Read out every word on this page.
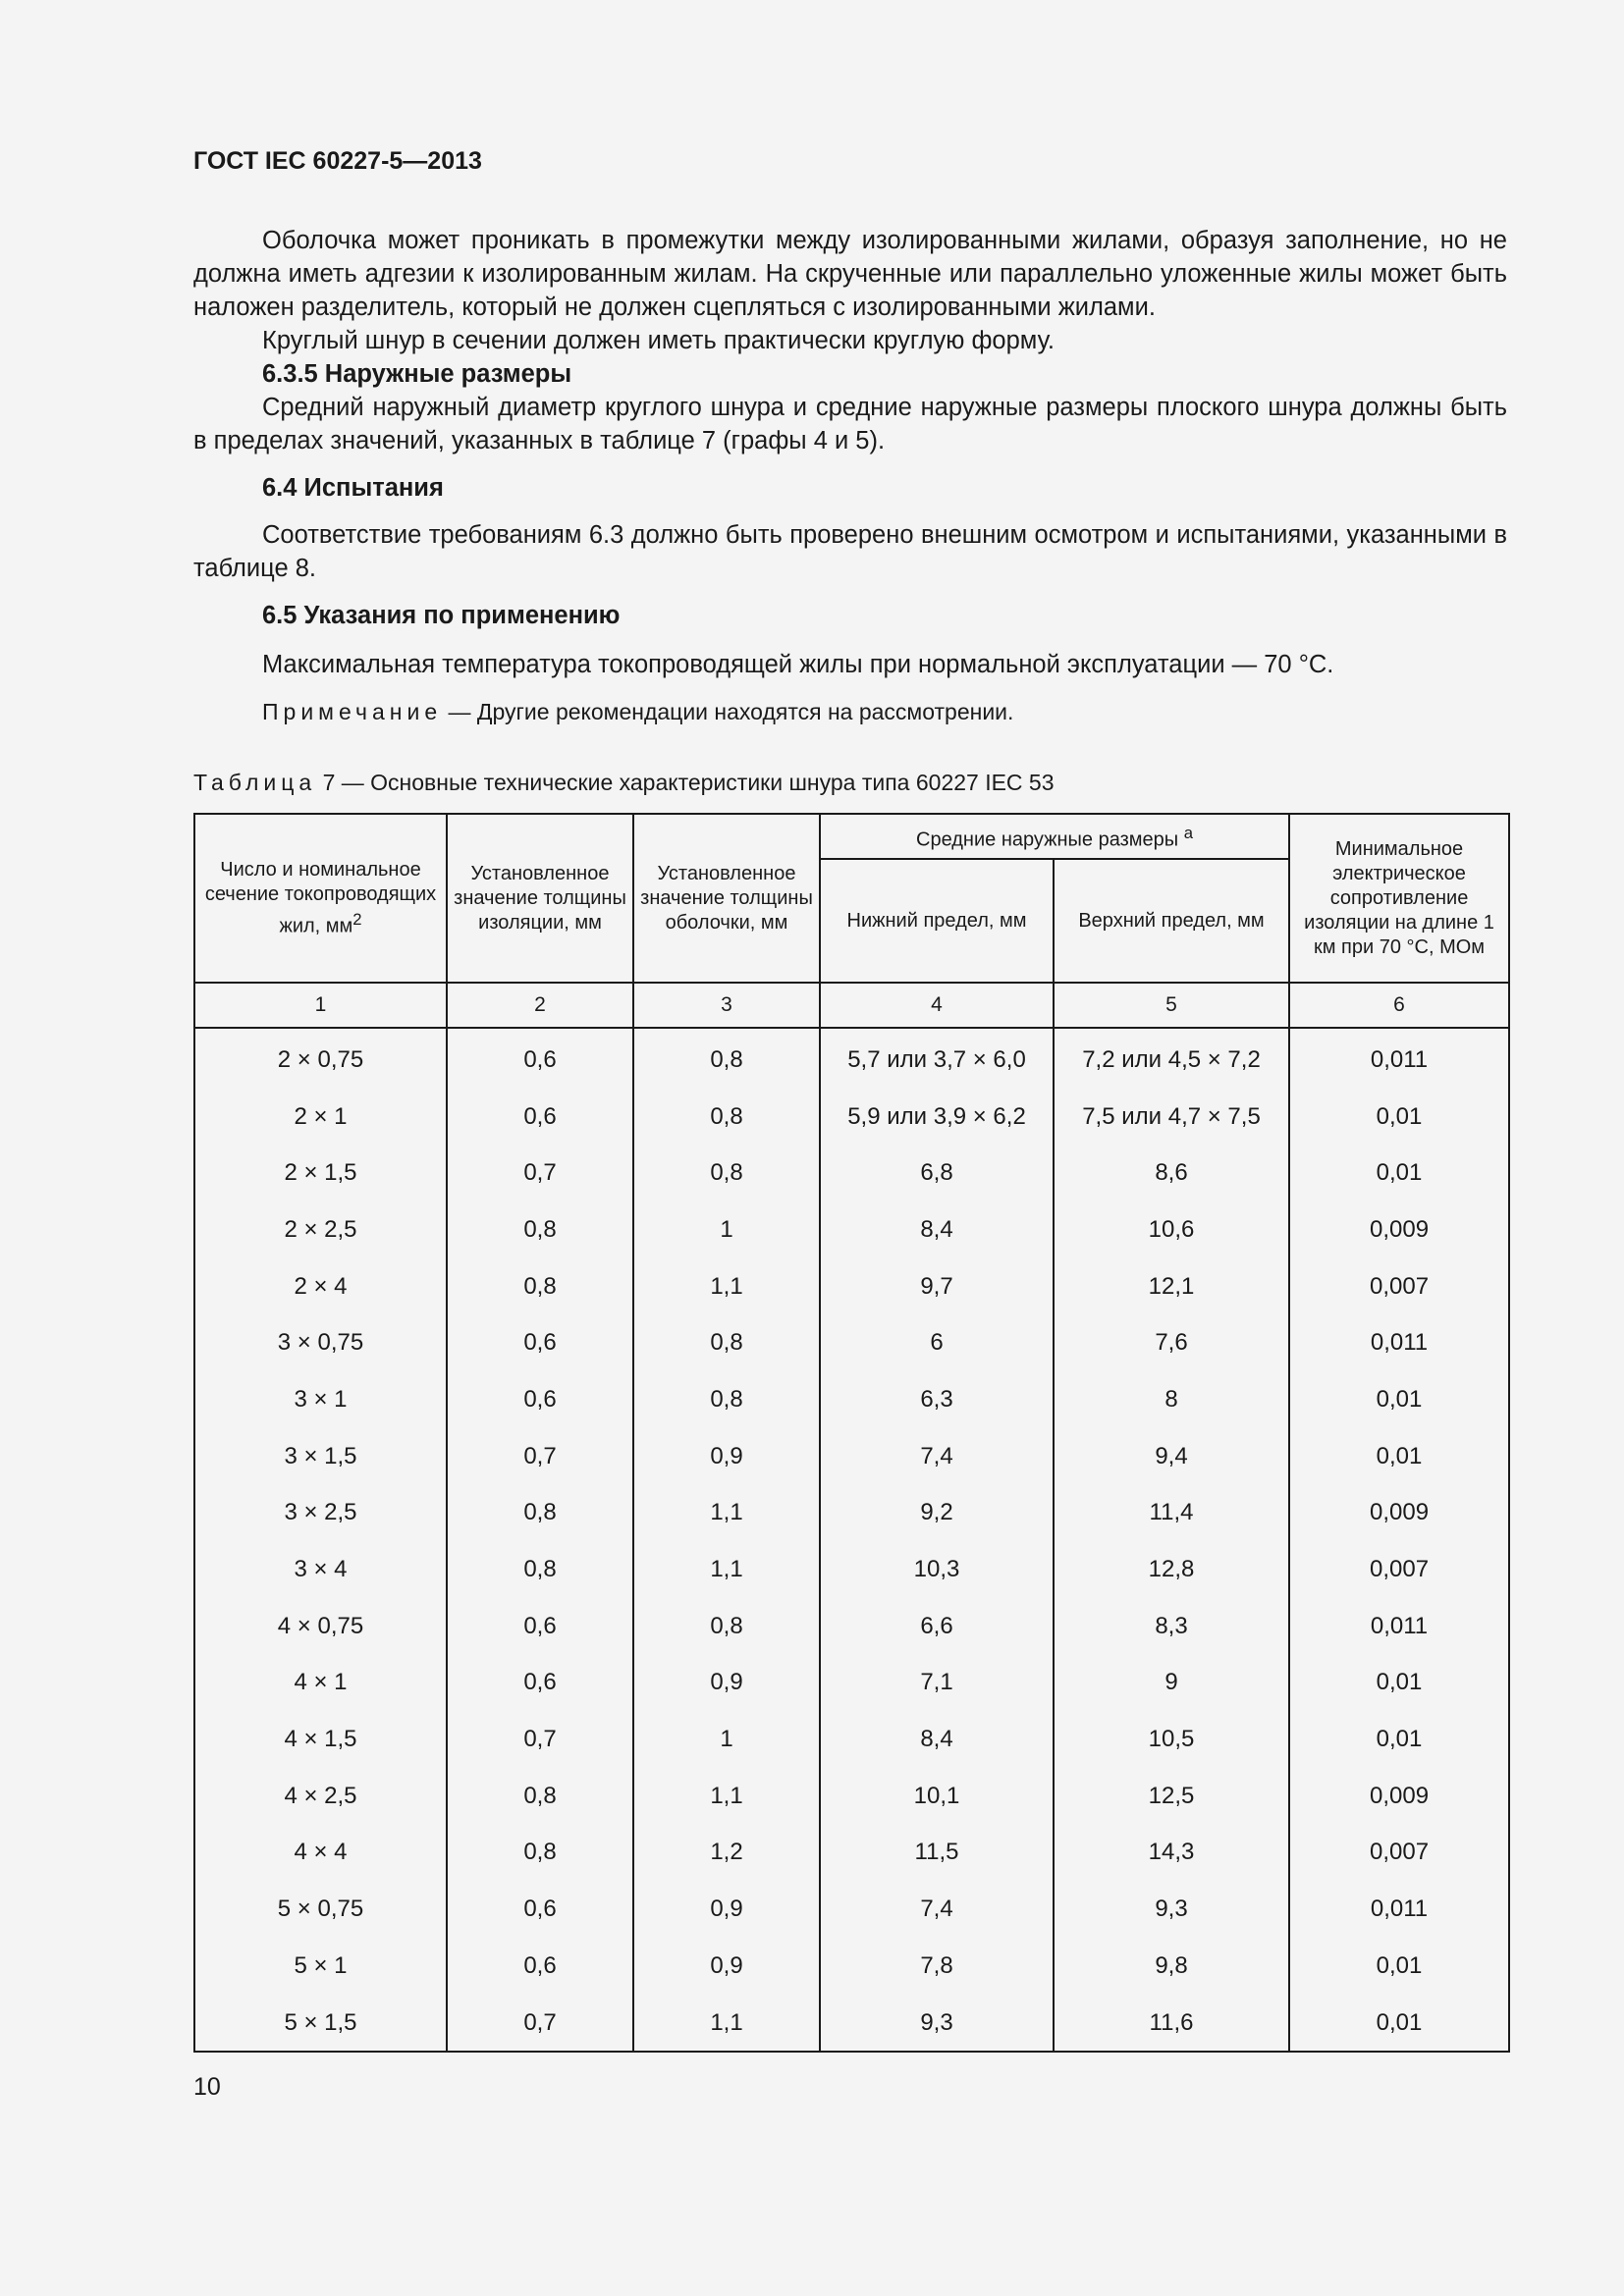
ГОСТ IEC 60227-5—2013

Оболочка может проникать в промежутки между изолированными жилами, образуя заполнение, но не должна иметь адгезии к изолированным жилам. На скрученные или параллельно уложенные жилы может быть наложен разделитель, который не должен сцепляться с изолированными жилами.

Круглый шнур в сечении должен иметь практически круглую форму.

6.3.5 Наружные размеры

Средний наружный диаметр круглого шнура и средние наружные размеры плоского шнура должны быть в пределах значений, указанных в таблице 7 (графы 4 и 5).

6.4 Испытания

Соответствие требованиям 6.3 должно быть проверено внешним осмотром и испытаниями, указанными в таблице 8.

6.5 Указания по применению

Максимальная температура токопроводящей жилы при нормальной эксплуатации — 70 °С.

Примечание — Другие рекомендации находятся на рассмотрении.

Таблица 7 — Основные технические характеристики шнура типа 60227 IEC 53
Число и номинальное сечение токопроводящих жил, $мм^2$	Установленное значение толщины изоляции, мм	Установленное значение толщины оболочки, мм	Средние наружные размеры $^a$		Минимальное электрическое сопротивление изоляции на длине 1 км при 70 °С, МОм
			Нижний предел, мм	Верхний предел, мм	
1	2	3	4	5	6

2 × 0,75	0,6	0,8	5,7 или 3,7 × 6,0	7,2 или 4,5 × 7,2	0,011
2 × 1	0,6	0,8	5,9 или 3,9 × 6,2	7,5 или 4,7 × 7,5	0,01
2 × 1,5	0,7	0,8	6,8	8,6	0,01
2 × 2,5	0,8	1	8,4	10,6	0,009
2 × 4	0,8	1,1	9,7	12,1	0,007
3 × 0,75	0,6	0,8	6	7,6	0,011
3 × 1	0,6	0,8	6,3	8	0,01
3 × 1,5	0,7	0,9	7,4	9,4	0,01
3 × 2,5	0,8	1,1	9,2	11,4	0,009
3 × 4	0,8	1,1	10,3	12,8	0,007
4 × 0,75	0,6	0,8	6,6	8,3	0,011
4 × 1	0,6	0,9	7,1	9	0,01
4 × 1,5	0,7	1	8,4	10,5	0,01
4 × 2,5	0,8	1,1	10,1	12,5	0,009
4 × 4	0,8	1,2	11,5	14,3	0,007
5 × 0,75	0,6	0,9	7,4	9,3	0,011
5 × 1	0,6	0,9	7,8	9,8	0,01
5 × 1,5	0,7	1,1	9,3	11,6	0,01
10
